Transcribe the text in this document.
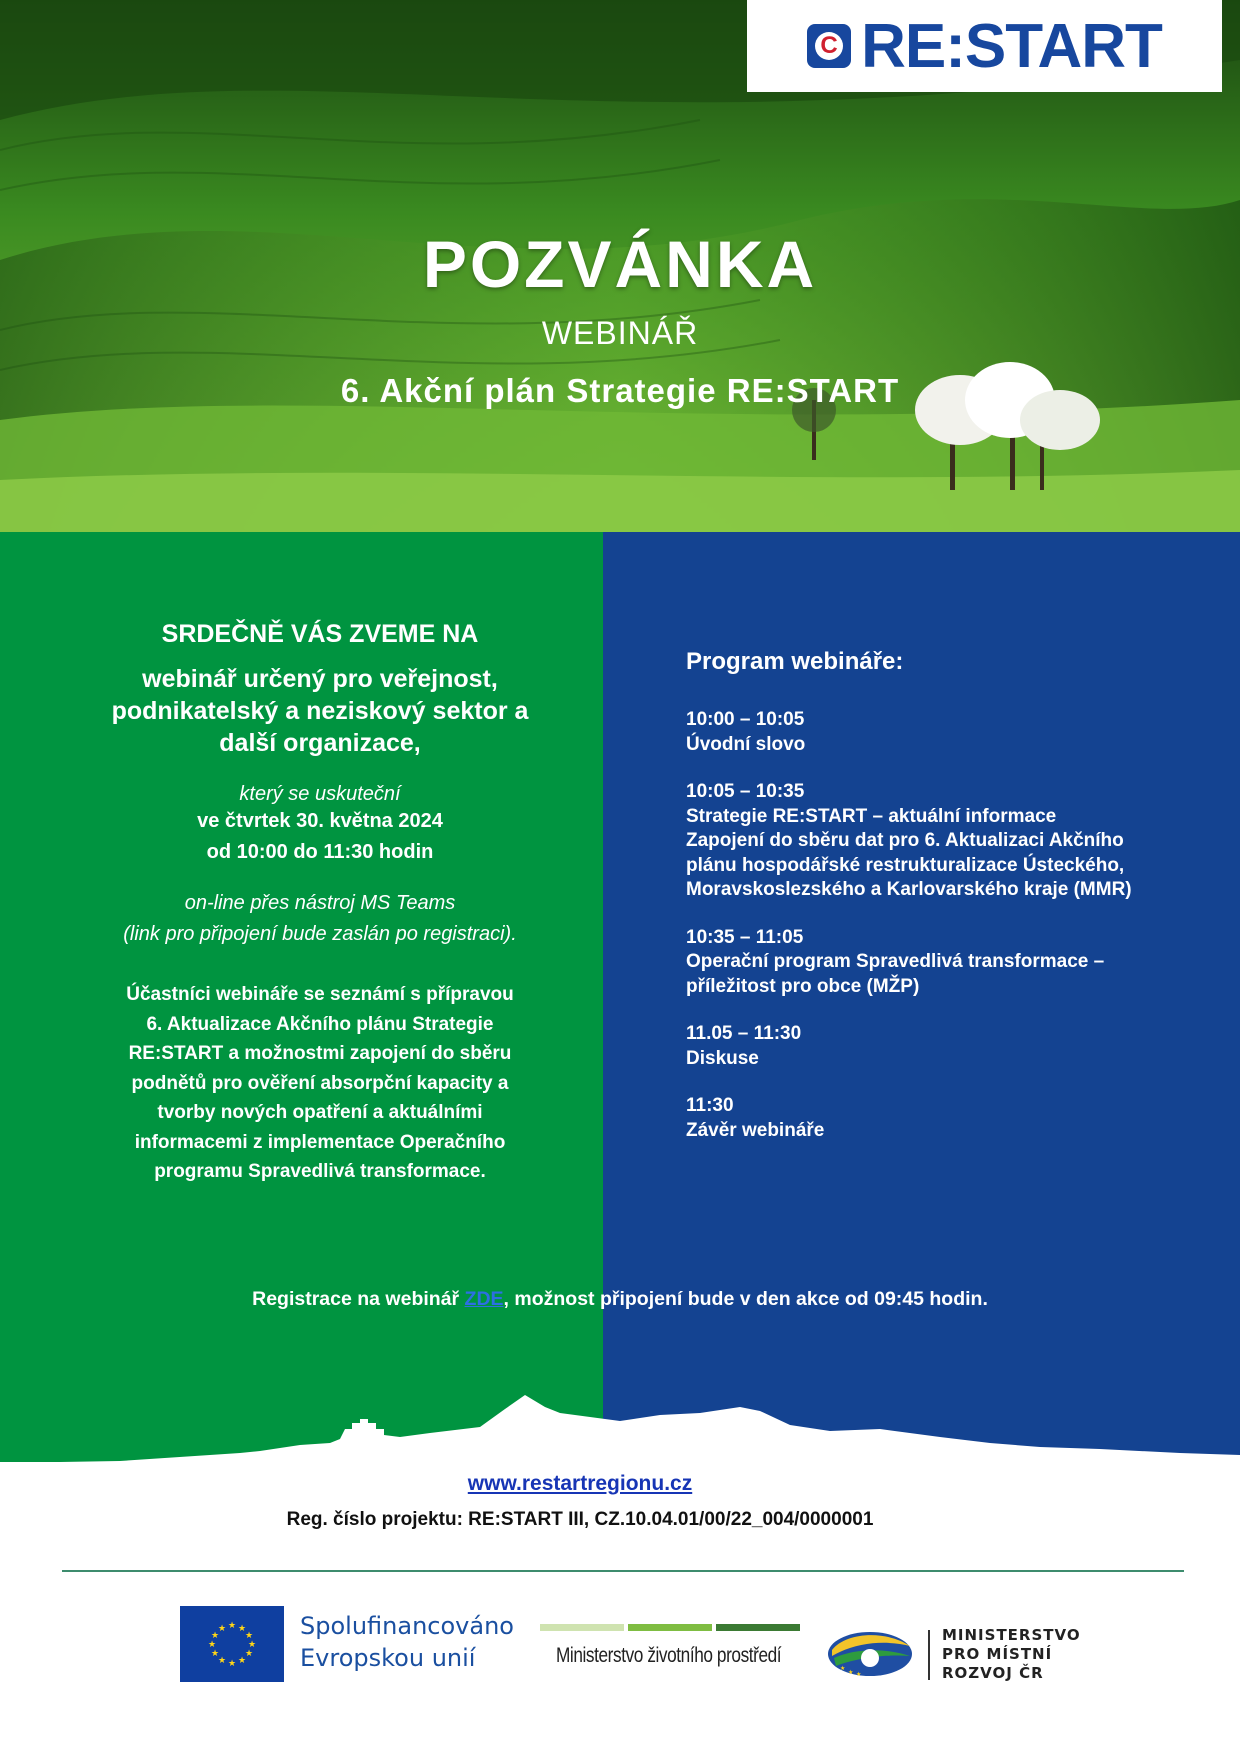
C RE:START
POZVÁNKA
WEBINÁŘ
6. Akční plán Strategie RE:START
SRDEČNĚ VÁS ZVEME NA
webinář určený pro veřejnost,
podnikatelský a neziskový sektor a
další organizace,
který se uskuteční
ve čtvrtek 30. května 2024
od 10:00 do 11:30 hodin
on-line přes nástroj MS Teams
(link pro připojení bude zaslán po registraci).
Účastníci webináře se seznámí s přípravou
6. Aktualizace Akčního plánu Strategie
RE:START a možnostmi zapojení do sběru
podnětů pro ověření absorpční kapacity a
tvorby nových opatření a aktuálními
informacemi z implementace Operačního
programu Spravedlivá transformace.
Program webináře:
10:00 – 10:05
Úvodní slovo
10:05 – 10:35
Strategie RE:START – aktuální informace
Zapojení do sběru dat pro 6. Aktualizaci Akčního
plánu hospodářské restrukturalizace Ústeckého,
Moravskoslezského a Karlovarského kraje (MMR)
10:35 – 11:05
Operační program Spravedlivá transformace –
příležitost pro obce (MŽP)
11.05 – 11:30
Diskuse
11:30
Závěr webináře
Registrace na webinář ZDE, možnost připojení bude v den akce od 09:45 hodin.
www.restartregionu.cz
Reg. číslo projektu: RE:START III, CZ.10.04.01/00/22_004/0000001
★ ★
★
★
★
★
★
★
★
★
★
★	Spolufinancováno
Evropskou unií	Ministerstvo životního prostředí
★
★ ★
MINISTERSTVO
PRO MÍSTNÍ
ROZVOJ ČR
